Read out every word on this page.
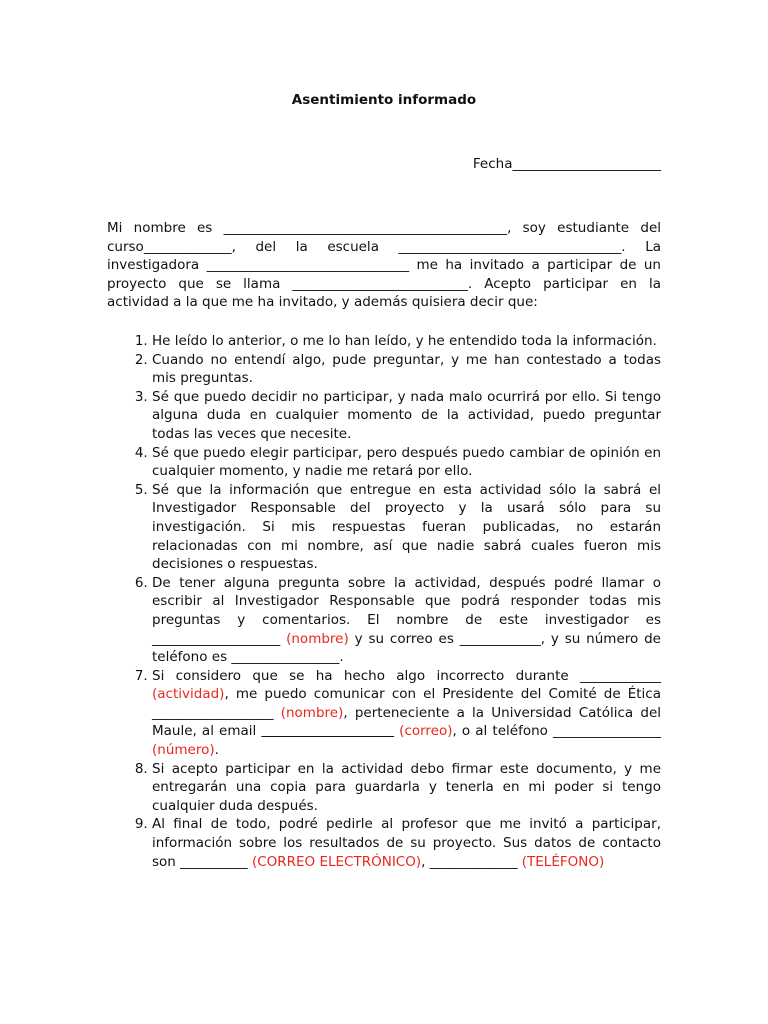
Asentimiento informado
Fecha______________________

Mi nombre es __________________________________________, soy estudiante del curso_____________, del la escuela _________________________________. La investigadora ______________________________ me ha invitado a participar de un proyecto que se llama __________________________. Acepto participar en la actividad a la que me ha invitado, y además quisiera decir que:

1. He leído lo anterior, o me lo han leído, y he entendido toda la información.
2. Cuando no entendí algo, pude preguntar, y me han contestado a todas mis preguntas.
3. Sé que puedo decidir no participar, y nada malo ocurrirá por ello. Si tengo alguna duda en cualquier momento de la actividad, puedo preguntar todas las veces que necesite.
4. Sé que puedo elegir participar, pero después puedo cambiar de opinión en cualquier momento, y nadie me retará por ello.
5. Sé que la información que entregue en esta actividad sólo la sabrá el Investigador Responsable del proyecto y la usará sólo para su investigación. Si mis respuestas fueran publicadas, no estarán relacionadas con mi nombre, así que nadie sabrá cuales fueron mis decisiones o respuestas.
6. De tener alguna pregunta sobre la actividad, después podré llamar o escribir al Investigador Responsable que podrá responder todas mis preguntas y comentarios. El nombre de este investigador es ___________________ (nombre) y su correo es ____________, y su número de teléfono es ________________.
7. Si considero que se ha hecho algo incorrecto durante ____________ (actividad), me puedo comunicar con el Presidente del Comité de Ética __________________ (nombre), perteneciente a la Universidad Católica del Maule, al email	(correo), o al teléfono ________________ (número).
8. Si acepto participar en la actividad debo firmar este documento, y me entregarán una copia para guardarla y tenerla en mi poder si tengo cualquier duda después.
9. Al final de todo, podré pedirle al profesor que me invitó a participar, información sobre los resultados de su proyecto. Sus datos de contacto son __________ (CORREO ELECTRÓNICO), _____________ (TELÉFONO)
